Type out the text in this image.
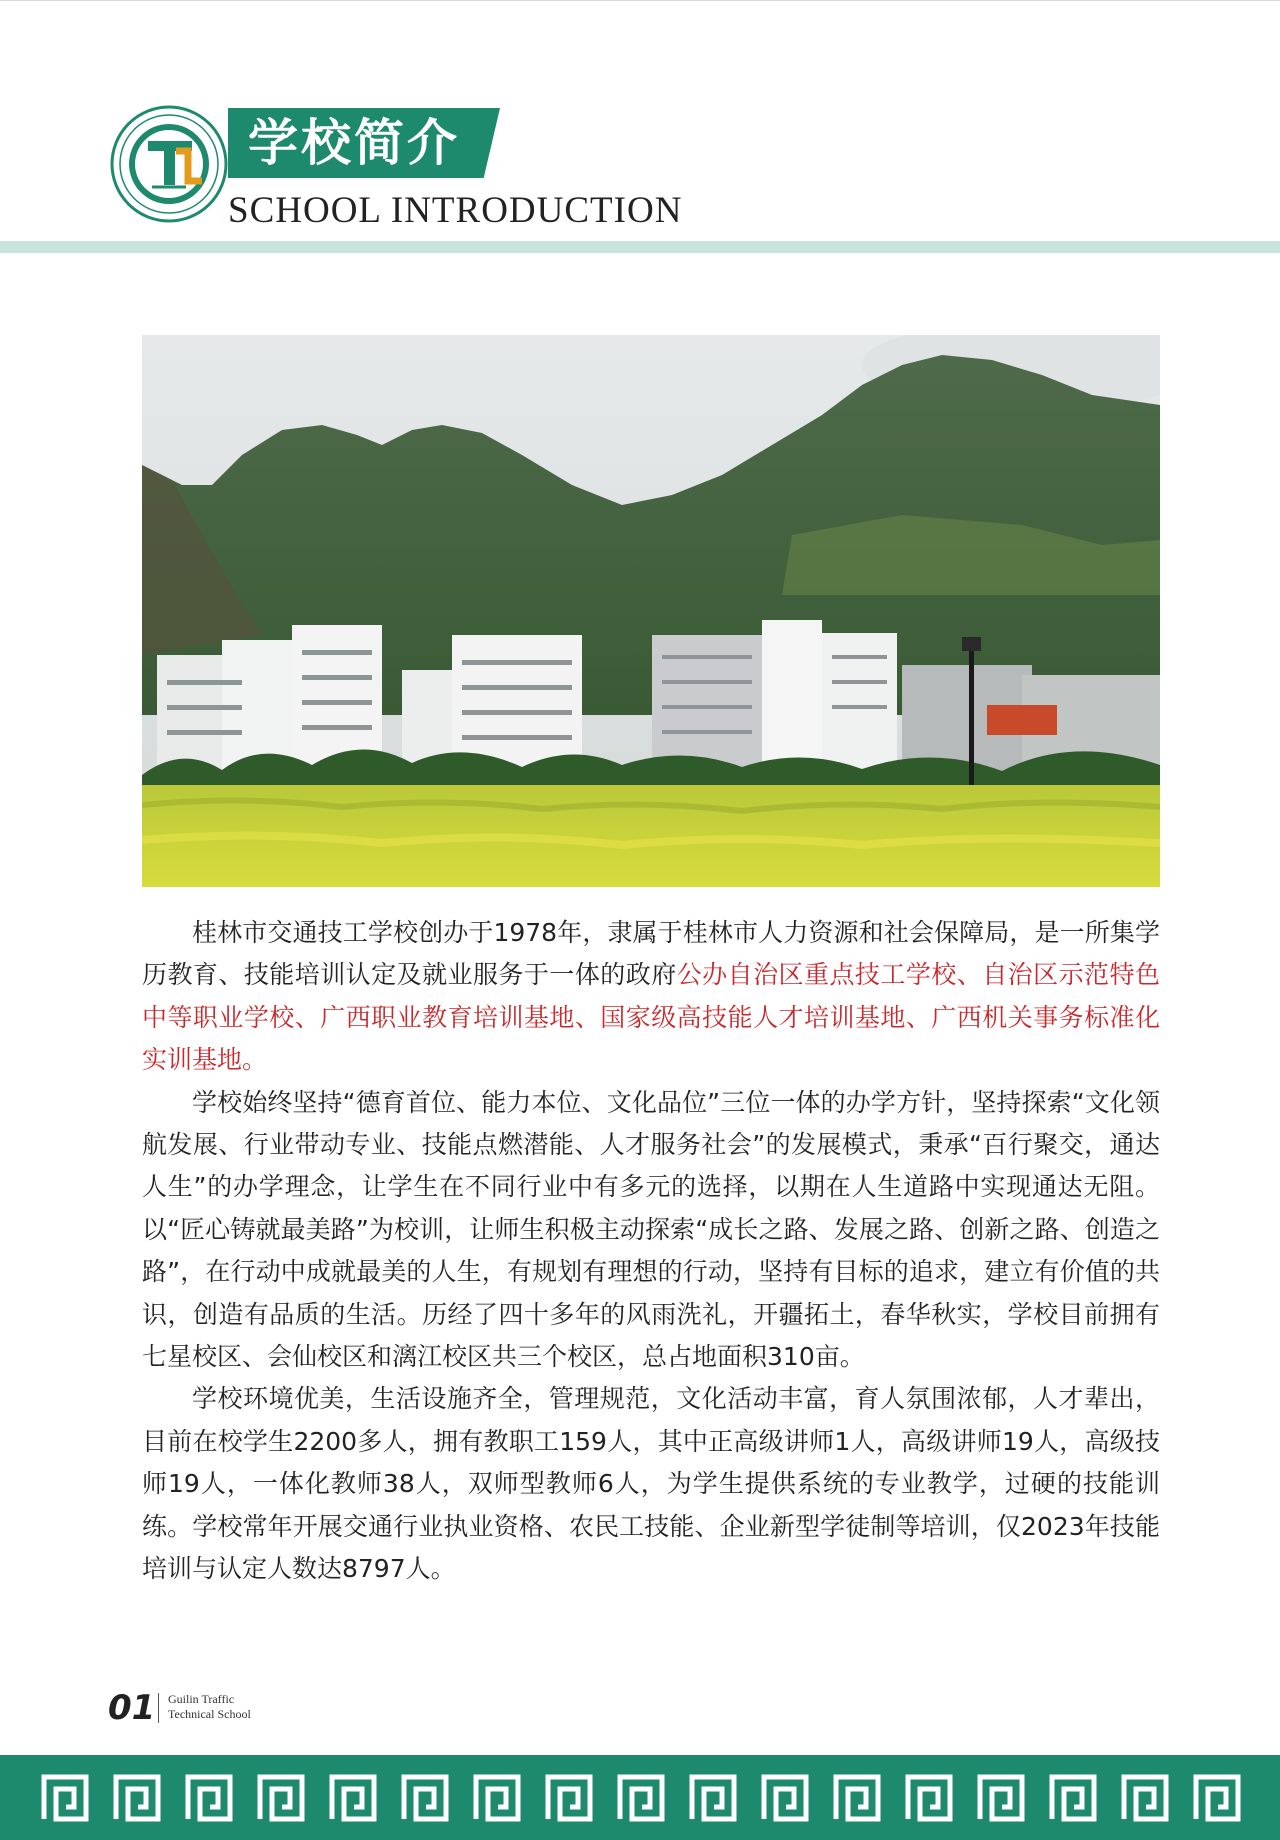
学校简介
SCHOOL INTRODUCTION

桂林市交通技工学校创办于1978年，隶属于桂林市人力资源和社会保障局，是一所集学历教育、技能培训认定及就业服务于一体的政府公办自治区重点技工学校、自治区示范特色中等职业学校、广西职业教育培训基地、国家级高技能人才培训基地、广西机关事务标准化实训基地。

学校始终坚持“德育首位、能力本位、文化品位”三位一体的办学方针，坚持探索“文化领航发展、行业带动专业、技能点燃潜能、人才服务社会”的发展模式，秉承“百行聚交，通达人生”的办学理念，让学生在不同行业中有多元的选择，以期在人生道路中实现通达无阻。以“匠心铸就最美路”为校训，让师生积极主动探索“成长之路、发展之路、创新之路、创造之路”，在行动中成就最美的人生，有规划有理想的行动，坚持有目标的追求，建立有价值的共识，创造有品质的生活。历经了四十多年的风雨洗礼，开疆拓土，春华秋实，学校目前拥有七星校区、会仙校区和漓江校区共三个校区，总占地面积310亩。

学校环境优美，生活设施齐全，管理规范，文化活动丰富，育人氛围浓郁，人才辈出，目前在校学生2200多人，拥有教职工159人，其中正高级讲师1人，高级讲师19人，高级技师19人，一体化教师38人，双师型教师6人，为学生提供系统的专业教学，过硬的技能训练。学校常年开展交通行业执业资格、农民工技能、企业新型学徒制等培训，仅2023年技能培训与认定人数达8797人。

01 Guilin Traffic
Technical School
